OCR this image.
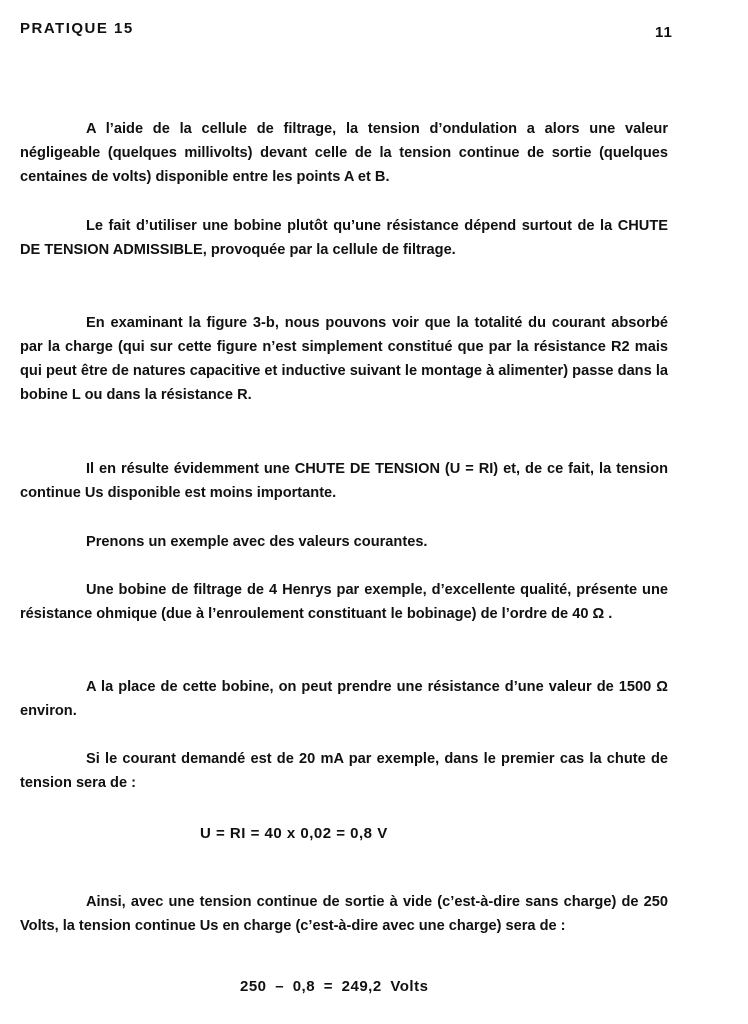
PRATIQUE 15	11

A l’aide de la cellule de filtrage, la tension d’ondulation a alors une valeur négligeable (quelques millivolts) devant celle de la tension continue de sortie (quelques centaines de volts) disponible entre les points A et B.

Le fait d’utiliser une bobine plutôt qu’une résistance dépend surtout de la CHUTE DE TENSION ADMISSIBLE, provoquée par la cellule de filtrage.

En examinant la figure 3-b, nous pouvons voir que la totalité du courant absorbé par la charge (qui sur cette figure n’est simplement constitué que par la résistance R2 mais qui peut être de natures capacitive et inductive suivant le montage à alimenter) passe dans la bobine L ou dans la résistance R.

Il en résulte évidemment une CHUTE DE TENSION (U = RI) et, de ce fait, la tension continue Us disponible est moins importante.

Prenons un exemple avec des valeurs courantes.

Une bobine de filtrage de 4 Henrys par exemple, d’excellente qualité, présente une résistance ohmique (due à l’enroulement constituant le bobinage) de l’ordre de 40 Ω .

A la place de cette bobine, on peut prendre une résistance d’une valeur de 1500 Ω environ.

Si le courant demandé est de 20 mA par exemple, dans le premier cas la chute de tension sera de :

U = RI = 40 x 0,02 = 0,8 V

Ainsi, avec une tension continue de sortie à vide (c’est-à-dire sans charge) de 250 Volts, la tension continue Us en charge (c’est-à-dire avec une charge) sera de :

250 – 0,8 = 249,2 Volts
